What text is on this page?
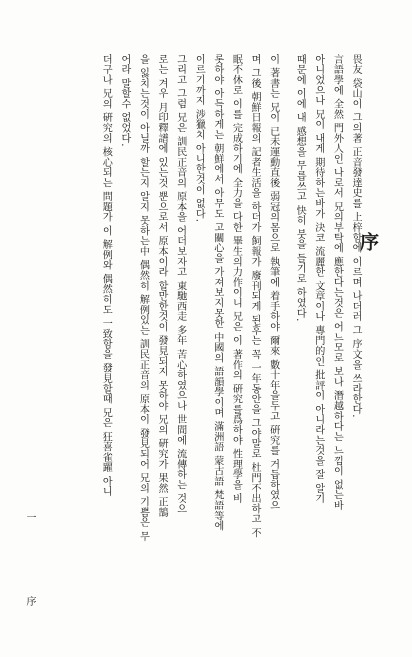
序
畏友 袋山이 그의著 正音發達史를 上梓함에 이르며 나더러 그 序文을 쓰라한다.
言語學에 全然 門外人인 나로서 兄의부탁에 應한다는것은 어느모로 보나 潛越하다는 느낌이 없는바
아니었으나 兄이 내게 期待하는바가 決코 流麗한 文章이나 專門的인 批評이 아니라는것을 잘 알기
때문에 이에 내 感想을 무릅쓰고 快히 붓을 들기로 하였다.
이 著書는 兄이 已未運動直後 弱冠의몸으로 執筆에 着手하야 爾來 數十年을두고 硏究를 거듭하였으
며 그後 朝鮮日報의 記者生活을 하더가 飼報가 廢刊되게 된후는 꼭 一年동안을 그야말로 杜門不出하고 不
眠不休로 이를 完成하기에 全力을 다한 畢生의力作이니 兄은 이 著作의 硏究를爲하야 性理學을 비
롯하야 아득하게는 朝鮮에서 아무도 고關心을 가져보지못한 中國의 語韻學이며 滿洲語 蒙古語 梵語等에
이르기까지 涉獵치 아니한것이 없다.
그리고 그럼 兄은 訓民正音의 原本을 어더보자고 東馳西走 多年 苦心하였으나 世間에 流傳하는 것으
로는 겨우 月印釋譜에 있는것 뿐으로서 原本이라 할만한것이 發見되지 못하야 兄의 硏究가 果然 正鵠
을 잃치는것이 아닐까 할는지 알지 못하는中 偶然히 解例있는 訓民正音의 原本이 發見되어 兄의 기쁨은 무
어라 말할수 없었다.
더구나 兄의 硏究의 核心되는 問題가 이 解例와 偶然히도 一致함을 發見할때 兄은 狂喜雀躍 아니
序
一
